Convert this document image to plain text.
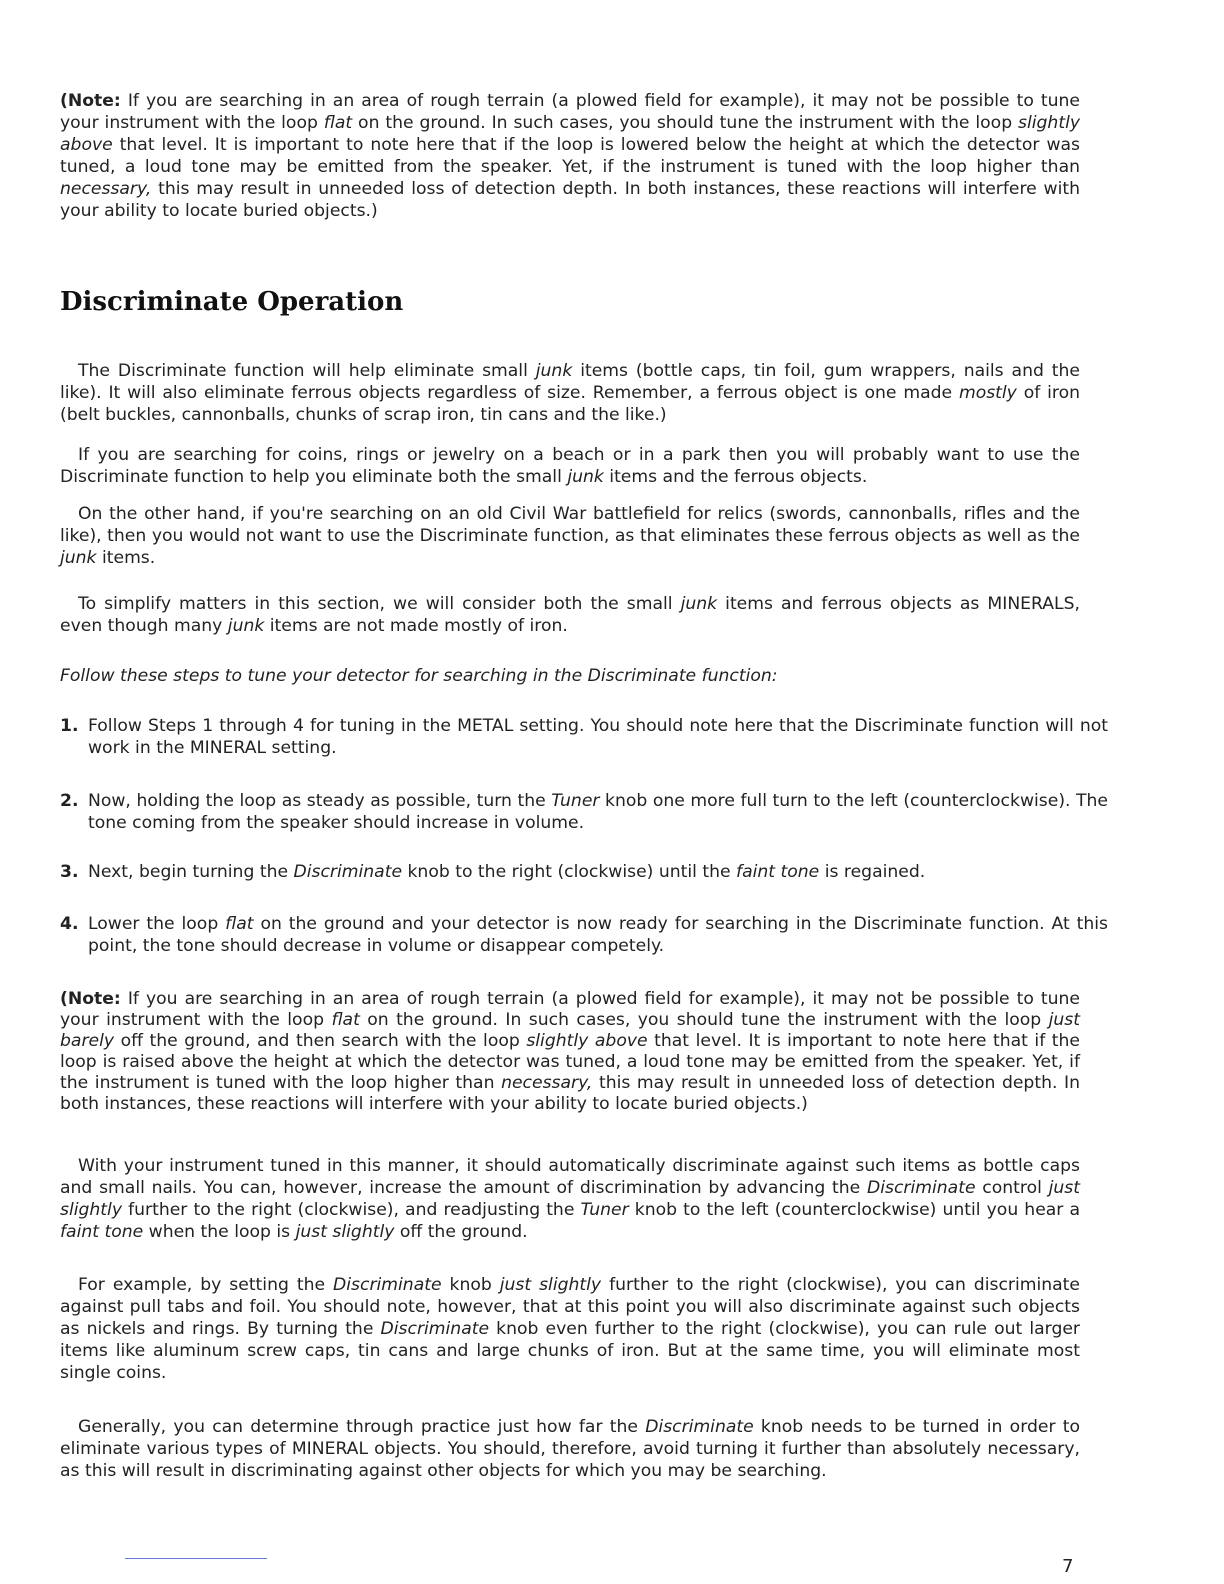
(Note: If you are searching in an area of rough terrain (a plowed field for example), it may not be possible to tune your instrument with the loop flat on the ground. In such cases, you should tune the instrument with the loop slightly above that level. It is important to note here that if the loop is lowered below the height at which the detector was tuned, a loud tone may be emitted from the speaker. Yet, if the instrument is tuned with the loop higher than necessary, this may result in unneeded loss of detection depth. In both instances, these reactions will interfere with your ability to locate buried objects.)

Discriminate Operation

The Discriminate function will help eliminate small junk items (bottle caps, tin foil, gum wrappers, nails and the like). It will also eliminate ferrous objects regardless of size. Remember, a ferrous object is one made mostly of iron (belt buckles, cannonballs, chunks of scrap iron, tin cans and the like.)

If you are searching for coins, rings or jewelry on a beach or in a park then you will probably want to use the Discriminate function to help you eliminate both the small junk items and the ferrous objects.

On the other hand, if you're searching on an old Civil War battlefield for relics (swords, cannonballs, rifles and the like), then you would not want to use the Discriminate function, as that eliminates these ferrous objects as well as the junk items.

To simplify matters in this section, we will consider both the small junk items and ferrous objects as MINERALS, even though many junk items are not made mostly of iron.

Follow these steps to tune your detector for searching in the Discriminate function:

1. Follow Steps 1 through 4 for tuning in the METAL setting. You should note here that the Discriminate function will not work in the MINERAL setting.

2. Now, holding the loop as steady as possible, turn the Tuner knob one more full turn to the left (counterclockwise). The tone coming from the speaker should increase in volume.

3. Next, begin turning the Discriminate knob to the right (clockwise) until the faint tone is regained.

4. Lower the loop flat on the ground and your detector is now ready for searching in the Discriminate function. At this point, the tone should decrease in volume or disappear competely.

(Note: If you are searching in an area of rough terrain (a plowed field for example), it may not be possible to tune your instrument with the loop flat on the ground. In such cases, you should tune the instrument with the loop just barely off the ground, and then search with the loop slightly above that level. It is important to note here that if the loop is raised above the height at which the detector was tuned, a loud tone may be emitted from the speaker. Yet, if the instrument is tuned with the loop higher than necessary, this may result in unneeded loss of detection depth. In both instances, these reactions will interfere with your ability to locate buried objects.)

With your instrument tuned in this manner, it should automatically discriminate against such items as bottle caps and small nails. You can, however, increase the amount of discrimination by advancing the Discriminate control just slightly further to the right (clockwise), and readjusting the Tuner knob to the left (counterclockwise) until you hear a faint tone when the loop is just slightly off the ground.

For example, by setting the Discriminate knob just slightly further to the right (clockwise), you can discriminate against pull tabs and foil. You should note, however, that at this point you will also discriminate against such objects as nickels and rings. By turning the Discriminate knob even further to the right (clockwise), you can rule out larger items like aluminum screw caps, tin cans and large chunks of iron. But at the same time, you will eliminate most single coins.

Generally, you can determine through practice just how far the Discriminate knob needs to be turned in order to eliminate various types of MINERAL objects. You should, therefore, avoid turning it further than absolutely necessary, as this will result in discriminating against other objects for which you may be searching.

7
